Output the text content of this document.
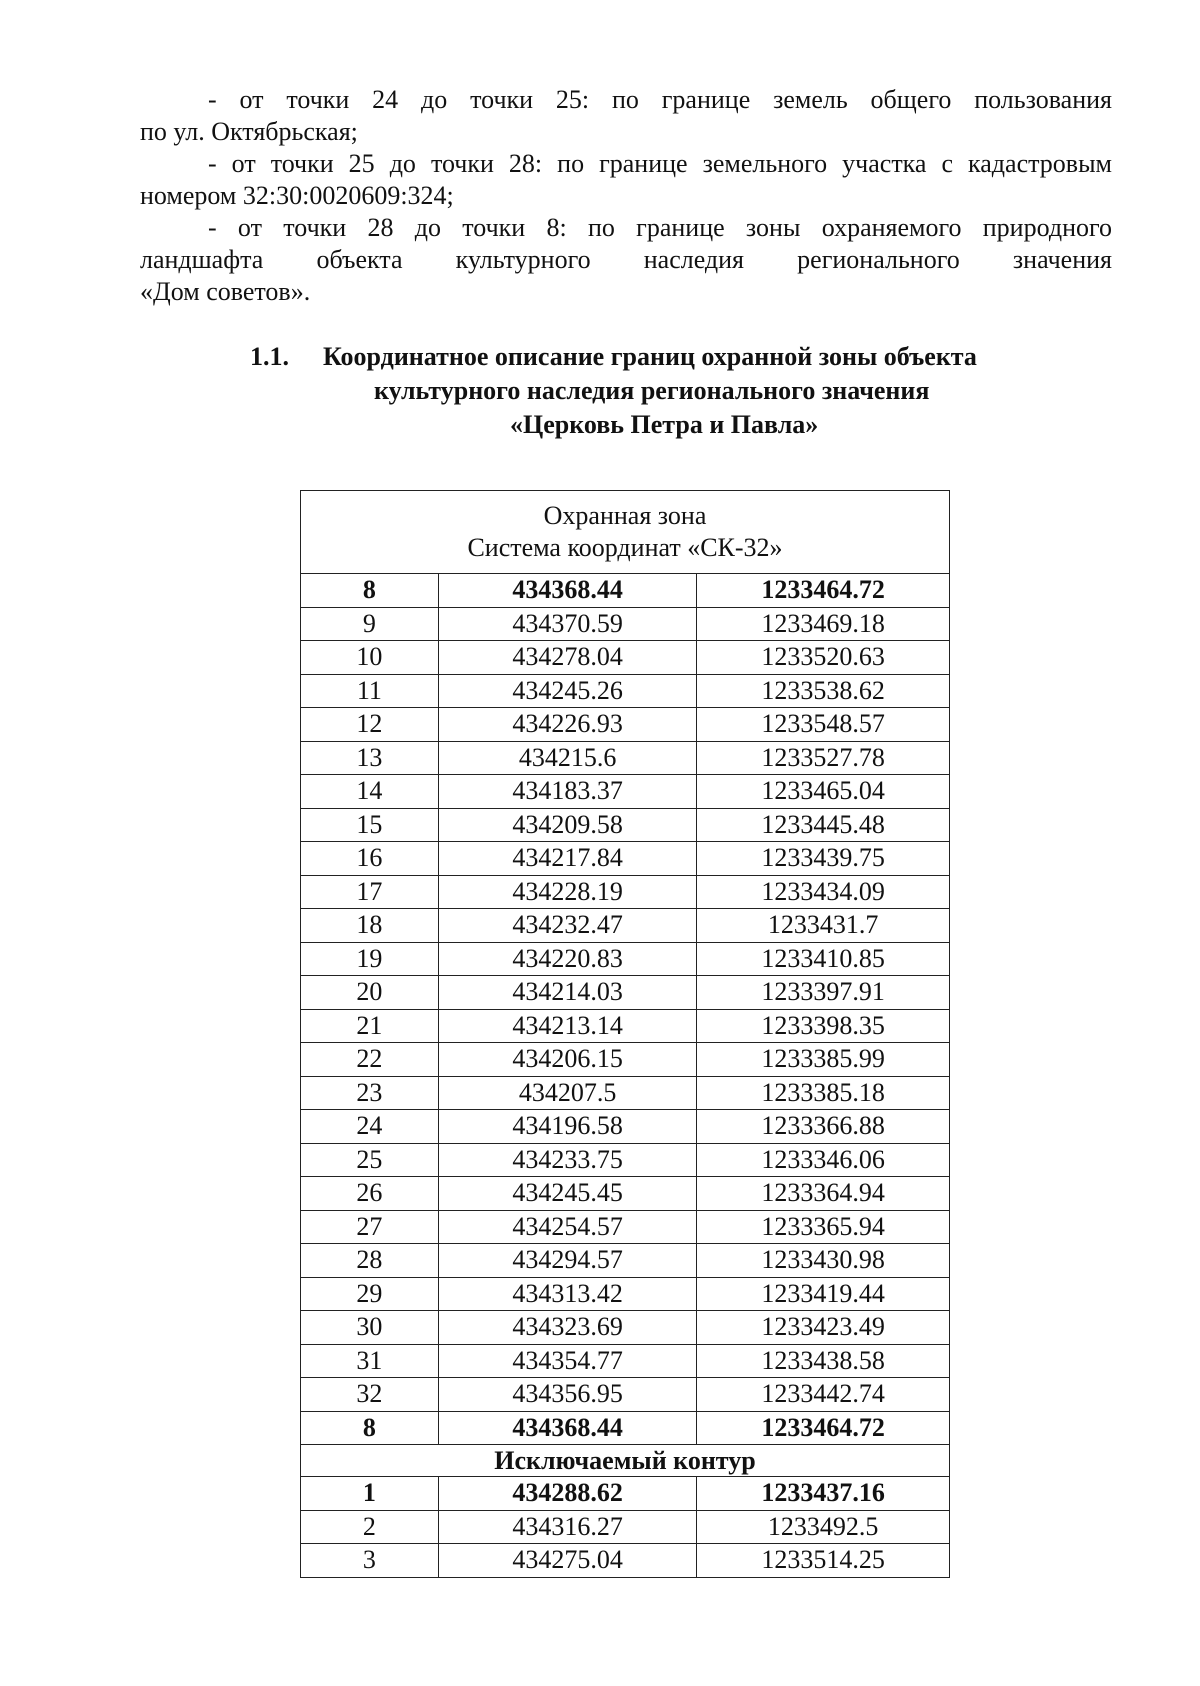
- от точки 24 до точки 25: по границе земель общего пользования

по ул. Октябрьская;

- от точки 25 до точки 28: по границе земельного участка с кадастровым

номером 32:30:0020609:324;

- от точки 28 до точки 8: по границе зоны охраняемого природного

ландшафта объекта культурного наследия регионального значения

«Дом советов».

1.1. Координатное описание границ охранной зоны объекта
культурного наследия регионального значения
«Церковь Петра и Павла»
Охранная зона
Система координат «СК-32»		

8	434368.44	1233464.72
9	434370.59	1233469.18
10	434278.04	1233520.63
11	434245.26	1233538.62
12	434226.93	1233548.57
13	434215.6	1233527.78
14	434183.37	1233465.04
15	434209.58	1233445.48
16	434217.84	1233439.75
17	434228.19	1233434.09
18	434232.47	1233431.7
19	434220.83	1233410.85
20	434214.03	1233397.91
21	434213.14	1233398.35
22	434206.15	1233385.99
23	434207.5	1233385.18
24	434196.58	1233366.88
25	434233.75	1233346.06
26	434245.45	1233364.94
27	434254.57	1233365.94
28	434294.57	1233430.98
29	434313.42	1233419.44
30	434323.69	1233423.49
31	434354.77	1233438.58
32	434356.95	1233442.74
8	434368.44	1233464.72
Исключаемый контур		
1	434288.62	1233437.16
2	434316.27	1233492.5
3	434275.04	1233514.25
